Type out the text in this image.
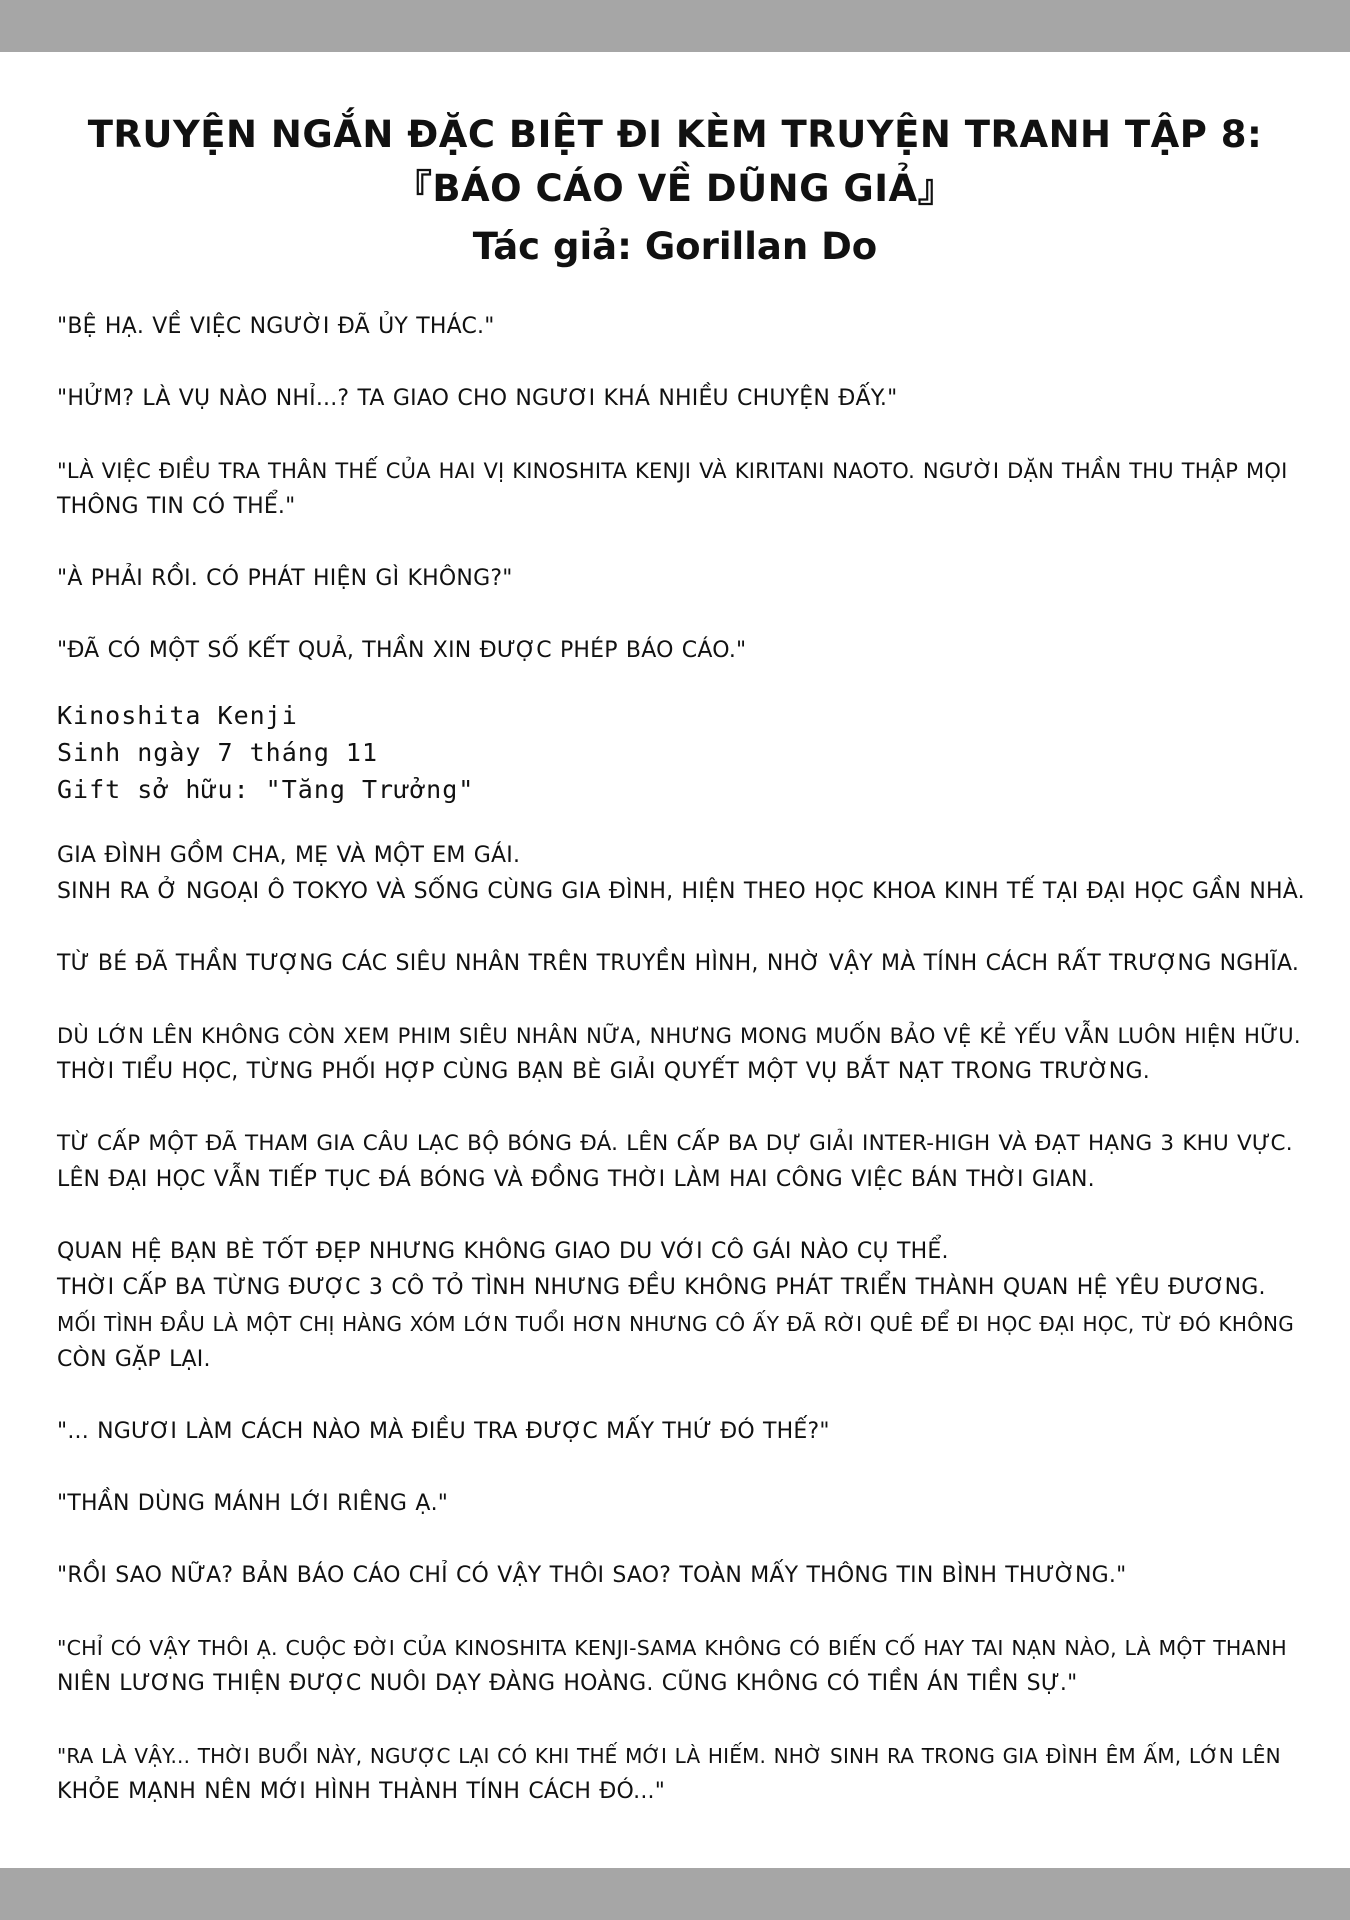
TRUYỆN NGẮN ĐẶC BIỆT ĐI KÈM TRUYỆN TRANH TẬP 8:
『BÁO CÁO VỀ DŨNG GIẢ』
Tác giả: Gorillan Do

"BỆ HẠ. VỀ VIỆC NGƯỜI ĐÃ ỦY THÁC."

"HỬM? LÀ VỤ NÀO NHỈ...? TA GIAO CHO NGƯƠI KHÁ NHIỀU CHUYỆN ĐẤY."

"LÀ VIỆC ĐIỀU TRA THÂN THẾ CỦA HAI VỊ KINOSHITA KENJI VÀ KIRITANI NAOTO. NGƯỜI DẶN THẦN THU THẬP MỌI
THÔNG TIN CÓ THỂ."

"À PHẢI RỒI. CÓ PHÁT HIỆN GÌ KHÔNG?"

"ĐÃ CÓ MỘT SỐ KẾT QUẢ, THẦN XIN ĐƯỢC PHÉP BÁO CÁO."

Kinoshita Kenji
Sinh ngày 7 tháng 11
Gift sở hữu: "Tăng Trưởng"

GIA ĐÌNH GỒM CHA, MẸ VÀ MỘT EM GÁI.
SINH RA Ở NGOẠI Ô TOKYO VÀ SỐNG CÙNG GIA ĐÌNH, HIỆN THEO HỌC KHOA KINH TẾ TẠI ĐẠI HỌC GẦN NHÀ.

TỪ BÉ ĐÃ THẦN TƯỢNG CÁC SIÊU NHÂN TRÊN TRUYỀN HÌNH, NHỜ VẬY MÀ TÍNH CÁCH RẤT TRƯỢNG NGHĨA.

DÙ LỚN LÊN KHÔNG CÒN XEM PHIM SIÊU NHÂN NỮA, NHƯNG MONG MUỐN BẢO VỆ KẺ YẾU VẪN LUÔN HIỆN HỮU.
THỜI TIỂU HỌC, TỪNG PHỐI HỢP CÙNG BẠN BÈ GIẢI QUYẾT MỘT VỤ BẮT NẠT TRONG TRƯỜNG.

TỪ CẤP MỘT ĐÃ THAM GIA CÂU LẠC BỘ BÓNG ĐÁ. LÊN CẤP BA DỰ GIẢI INTER-HIGH VÀ ĐẠT HẠNG 3 KHU VỰC.
LÊN ĐẠI HỌC VẪN TIẾP TỤC ĐÁ BÓNG VÀ ĐỒNG THỜI LÀM HAI CÔNG VIỆC BÁN THỜI GIAN.

QUAN HỆ BẠN BÈ TỐT ĐẸP NHƯNG KHÔNG GIAO DU VỚI CÔ GÁI NÀO CỤ THỂ.
THỜI CẤP BA TỪNG ĐƯỢC 3 CÔ TỎ TÌNH NHƯNG ĐỀU KHÔNG PHÁT TRIỂN THÀNH QUAN HỆ YÊU ĐƯƠNG.
MỐI TÌNH ĐẦU LÀ MỘT CHỊ HÀNG XÓM LỚN TUỔI HƠN NHƯNG CÔ ẤY ĐÃ RỜI QUÊ ĐỂ ĐI HỌC ĐẠI HỌC, TỪ ĐÓ KHÔNG
CÒN GẶP LẠI.

"... NGƯƠI LÀM CÁCH NÀO MÀ ĐIỀU TRA ĐƯỢC MẤY THỨ ĐÓ THẾ?"

"THẦN DÙNG MÁNH LỚI RIÊNG Ạ."

"RỒI SAO NỮA? BẢN BÁO CÁO CHỈ CÓ VẬY THÔI SAO? TOÀN MẤY THÔNG TIN BÌNH THƯỜNG."

"CHỈ CÓ VẬY THÔI Ạ. CUỘC ĐỜI CỦA KINOSHITA KENJI-SAMA KHÔNG CÓ BIẾN CỐ HAY TAI NẠN NÀO, LÀ MỘT THANH
NIÊN LƯƠNG THIỆN ĐƯỢC NUÔI DẠY ĐÀNG HOÀNG. CŨNG KHÔNG CÓ TIỀN ÁN TIỀN SỰ."

"RA LÀ VẬY... THỜI BUỔI NÀY, NGƯỢC LẠI CÓ KHI THẾ MỚI LÀ HIẾM. NHỜ SINH RA TRONG GIA ĐÌNH ÊM ẤM, LỚN LÊN
KHỎE MẠNH NÊN MỚI HÌNH THÀNH TÍNH CÁCH ĐÓ..."
